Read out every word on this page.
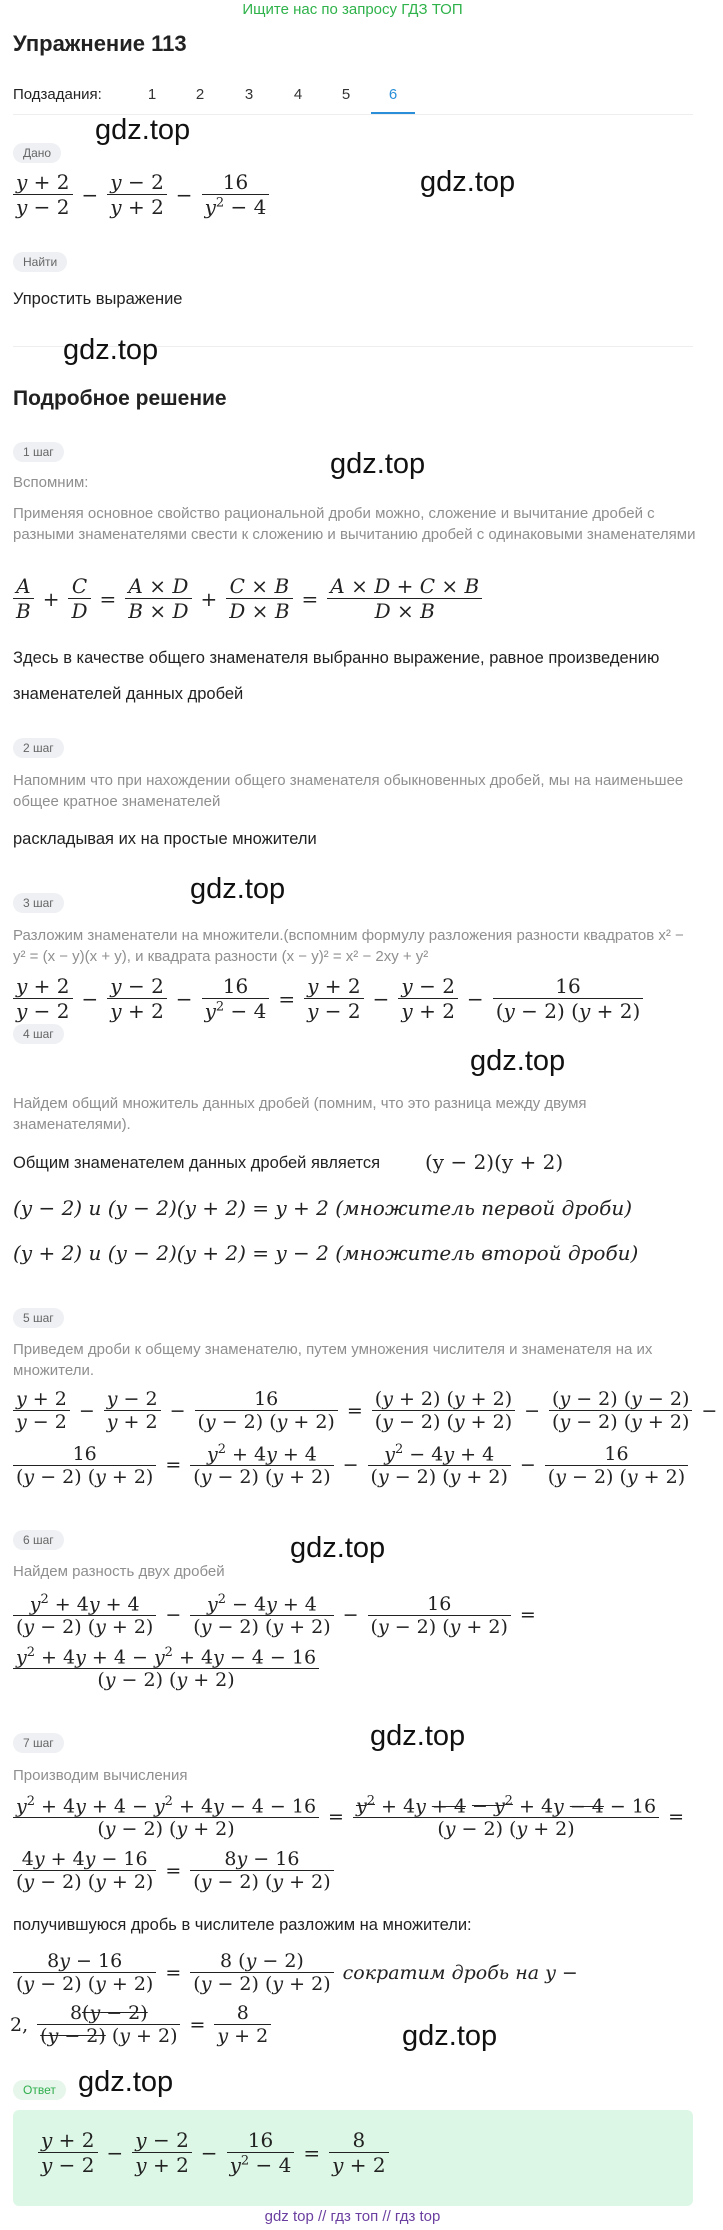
Ищите нас по запросу ГДЗ ТОП
Упражнение 113
Подзадания:	1	2	3	4	5	6
Дано
gdz.top
gdz.top
$\frac{y + 2}{y - 2} - \frac{y - 2}{y + 2} - \frac{16}{y^2 - 4}$
Найти
Упростить выражение
gdz.top
Подробное решение
1 шаг	gdz.top
Вспомним:
Применяя основное свойство рациональной дроби можно, сложение и вычитание дробей с разными знаменателями свести к сложению и вычитанию дробей с одинаковыми знаменателями
$\frac{A}{B} + \frac{C}{D} = \frac{A \times D}{B \times D} + \frac{C \times B}{D \times B} = \frac{A \times D + C \times B}{D \times B}$
Здесь в качестве общего знаменателя выбранно выражение, равное произведению знаменателей данных дробей
2 шаг
Напомним что при нахождении общего знаменателя обыкновенных дробей, мы на наименьшее общее кратное знаменателей
раскладывая их на простые множители
3 шаг	gdz.top
Разложим знаменатели на множители.(вспомним формулу разложения разности квадратов x² − y² = (x − y)(x + y), и квадрата разности (x − y)² = x² − 2xy + y²
$\frac{y + 2}{y - 2} - \frac{y - 2}{y + 2} - \frac{16}{y^2 - 4} = \frac{y + 2}{y - 2} - \frac{y - 2}{y + 2} - \frac{16}{(y - 2) (y + 2)}$
4 шаг
gdz.top
Найдем общий множитель данных дробей (помним, что это разница между двумя знаменателями).
Общим знаменателем данных дробей является (y − 2)(y + 2)
(y − 2) и (y − 2)(y + 2) = y + 2 (множитель первой дроби)
(y + 2) и (y − 2)(y + 2) = y − 2 (множитель второй дроби)
5 шаг
Приведем дроби к общему знаменателю, путем умножения числителя и знаменателя на их множители.
$\frac{y + 2}{y - 2} - \frac{y - 2}{y + 2} - \frac{16}{(y - 2) (y + 2)} = \frac{(y + 2) (y + 2)}{(y - 2) (y + 2)} - \frac{(y - 2) (y - 2)}{(y - 2) (y + 2)}$ −
$\frac{16}{(y - 2) (y + 2)} = \frac{y^2 + 4y + 4}{(y - 2) (y + 2)} - \frac{y^2 - 4y + 4}{(y - 2) (y + 2)} - \frac{16}{(y - 2) (y + 2)}$
6 шаг	gdz.top
Найдем разность двух дробей
$\frac{y^2 + 4y + 4}{(y - 2) (y + 2)} - \frac{y^2 - 4y + 4}{(y - 2) (y + 2)} - \frac{16}{(y - 2) (y + 2)}$ =
$\frac{y^2 + 4y + 4 - y^2 + 4y - 4 - 16}{(y - 2) (y + 2)}$
7 шаг	gdz.top
Производим вычисления
$\frac{y^2 + 4y + 4 - y^2 + 4y - 4 - 16}{(y - 2) (y + 2)} = \frac{y^2 + 4y + 4 - y^2 + 4y - 4 - 16}{(y - 2) (y + 2)}$ =
$\frac{4y + 4y - 16}{(y - 2) (y + 2)} = \frac{8y - 16}{(y - 2) (y + 2)}$
получившуюся дробь в числителе разложим на множители:
$\frac{8y - 16}{(y - 2) (y + 2)} = \frac{8 (y - 2)}{(y - 2) (y + 2)}$ сократим дробь на y −
2, $\frac{8(y - 2)}{(y - 2) (y + 2)} = \frac{8}{y + 2}$	gdz.top
Ответ gdz.top
$\frac{y + 2}{y - 2} - \frac{y - 2}{y + 2} - \frac{16}{y^2 - 4} = \frac{8}{y + 2}$
gdz top // гдз топ // гдз top
